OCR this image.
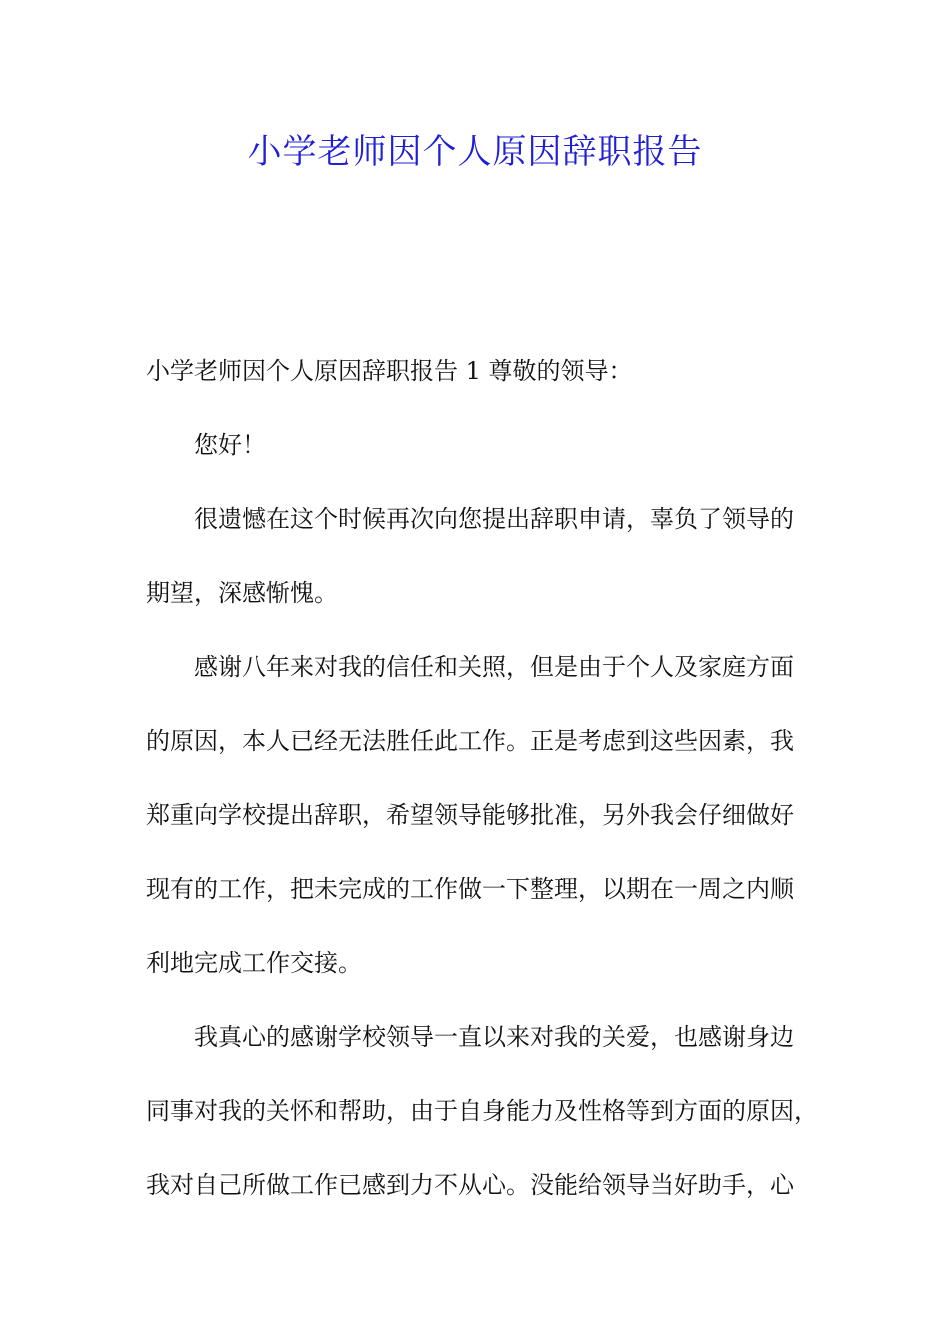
小学老师因个人原因辞职报告
小学老师因个人原因辞职报告 1 尊敬的领导：
您好！
很遗憾在这个时候再次向您提出辞职申请，辜负了领导的
期望，深感惭愧。
感谢八年来对我的信任和关照，但是由于个人及家庭方面
的原因，本人已经无法胜任此工作。正是考虑到这些因素，我
郑重向学校提出辞职，希望领导能够批准，另外我会仔细做好
现有的工作，把未完成的工作做一下整理，以期在一周之内顺
利地完成工作交接。
我真心的感谢学校领导一直以来对我的关爱，也感谢身边
同事对我的关怀和帮助，由于自身能力及性格等到方面的原因，
我对自己所做工作已感到力不从心。没能给领导当好助手，心
